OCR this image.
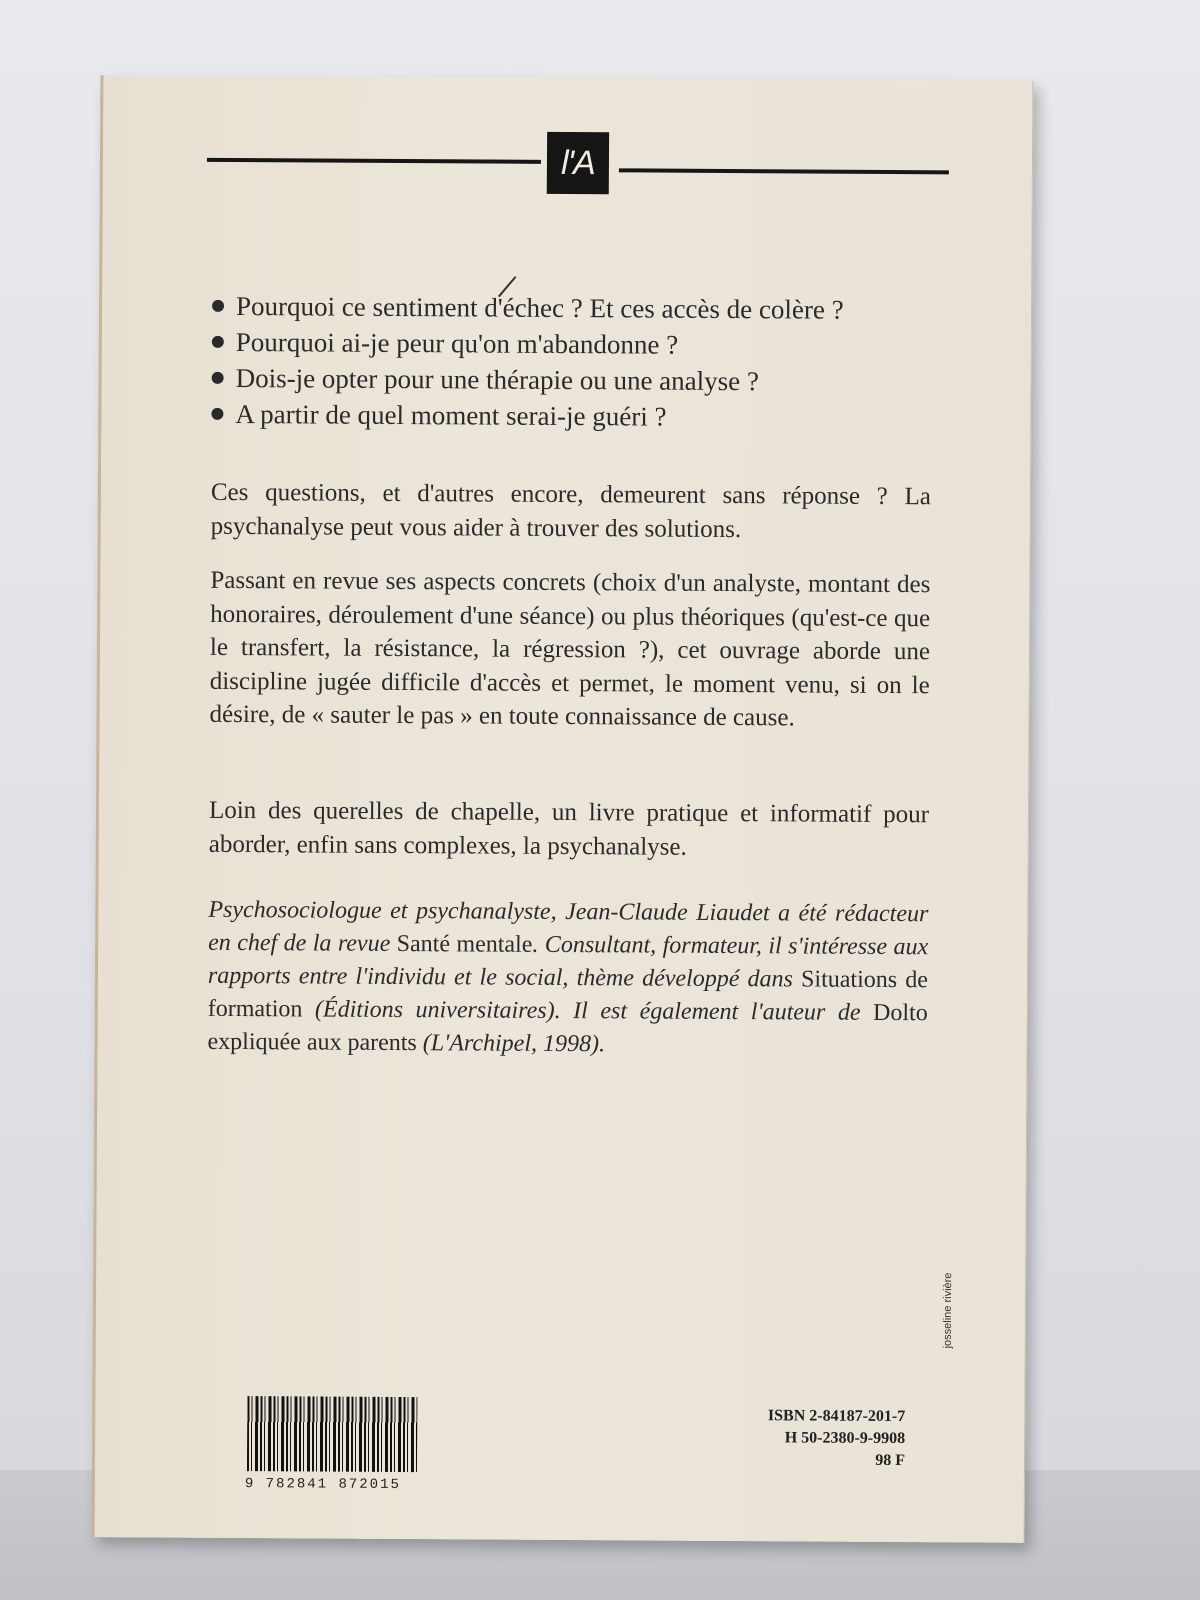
l'A
Pourquoi ce sentiment d'échec ? Et ces accès de colère ?
Pourquoi ai-je peur qu'on m'abandonne ?
Dois-je opter pour une thérapie ou une analyse ?
A partir de quel moment serai-je guéri ?
Ces questions, et d'autres encore, demeurent sans réponse ? La psychanalyse peut vous aider à trouver des solutions.
Passant en revue ses aspects concrets (choix d'un analyste, montant des honoraires, déroulement d'une séance) ou plus théoriques (qu'est-ce que le transfert, la résistance, la régression ?), cet ouvrage aborde une discipline jugée difficile d'accès et permet, le moment venu, si on le désire, de « sauter le pas » en toute connaissance de cause.
Loin des querelles de chapelle, un livre pratique et informatif pour aborder, enfin sans complexes, la psychanalyse.
Psychosociologue et psychanalyste, Jean-Claude Liaudet a été rédacteur en chef de la revue Santé mentale. Consultant, formateur, il s'intéresse aux rapports entre l'individu et le social, thème développé dans Situations de formation (Éditions universitaires). Il est également l'auteur de Dolto expliquée aux parents (L'Archipel, 1998).
9 782841 872015
ISBN 2-84187-201-7
H 50-2380-9-9908
98 F
josseline rivière
